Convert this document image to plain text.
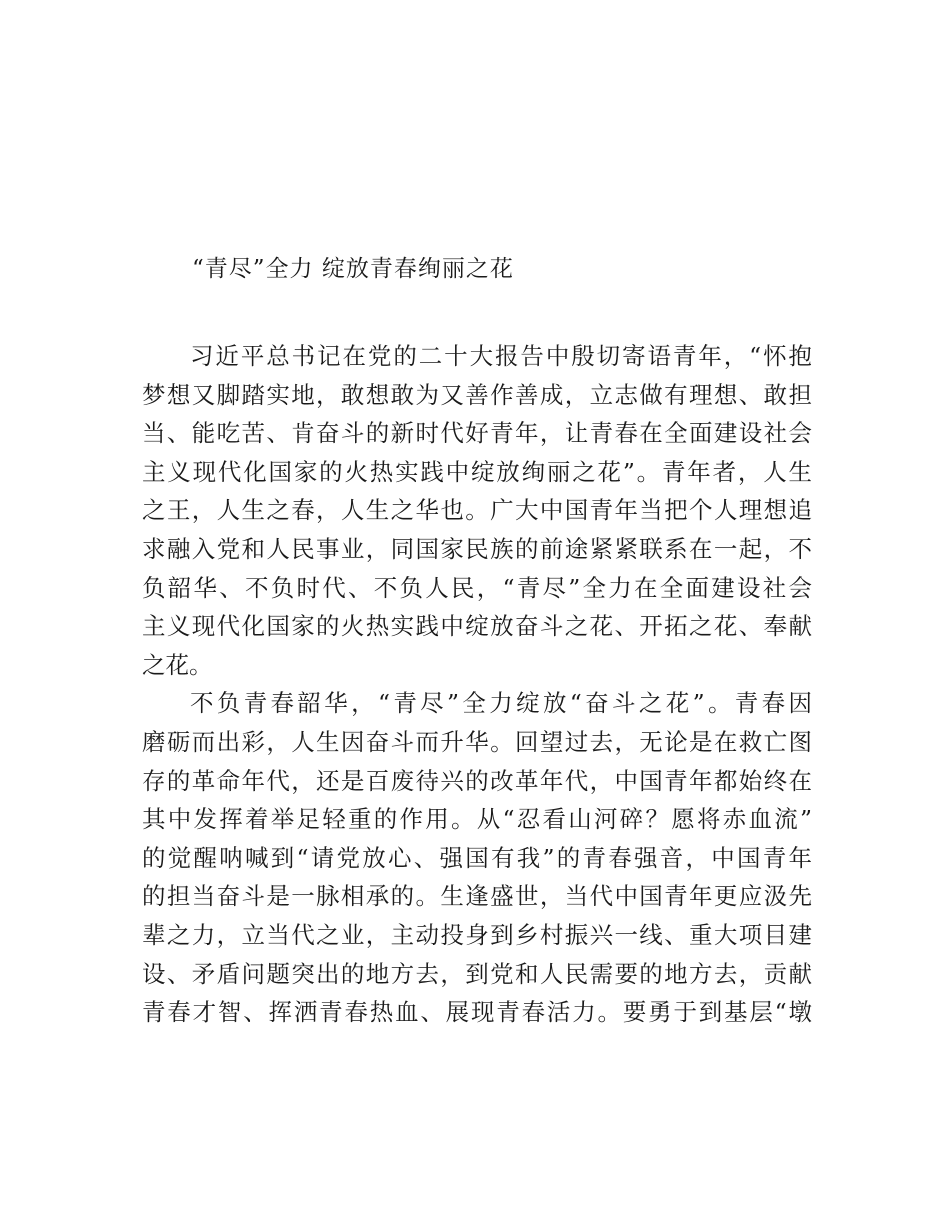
“青尽”全力 绽放青春绚丽之花
习近平总书记在党的二十大报告中殷切寄语青年，“怀抱
梦想又脚踏实地，敢想敢为又善作善成，立志做有理想、敢担
当、能吃苦、肯奋斗的新时代好青年，让青春在全面建设社会
主义现代化国家的火热实践中绽放绚丽之花”。青年者，人生
之王，人生之春，人生之华也。广大中国青年当把个人理想追
求融入党和人民事业，同国家民族的前途紧紧联系在一起，不
负韶华、不负时代、不负人民，“青尽”全力在全面建设社会
主义现代化国家的火热实践中绽放奋斗之花、开拓之花、奉献
之花。
不负青春韶华，“青尽”全力绽放“奋斗之花”。青春因
磨砺而出彩，人生因奋斗而升华。回望过去，无论是在救亡图
存的革命年代，还是百废待兴的改革年代，中国青年都始终在
其中发挥着举足轻重的作用。从“忍看山河碎？愿将赤血流”
的觉醒呐喊到“请党放心、强国有我”的青春强音，中国青年
的担当奋斗是一脉相承的。生逢盛世，当代中国青年更应汲先
辈之力，立当代之业，主动投身到乡村振兴一线、重大项目建
设、矛盾问题突出的地方去，到党和人民需要的地方去，贡献
青春才智、挥洒青春热血、展现青春活力。要勇于到基层“墩
